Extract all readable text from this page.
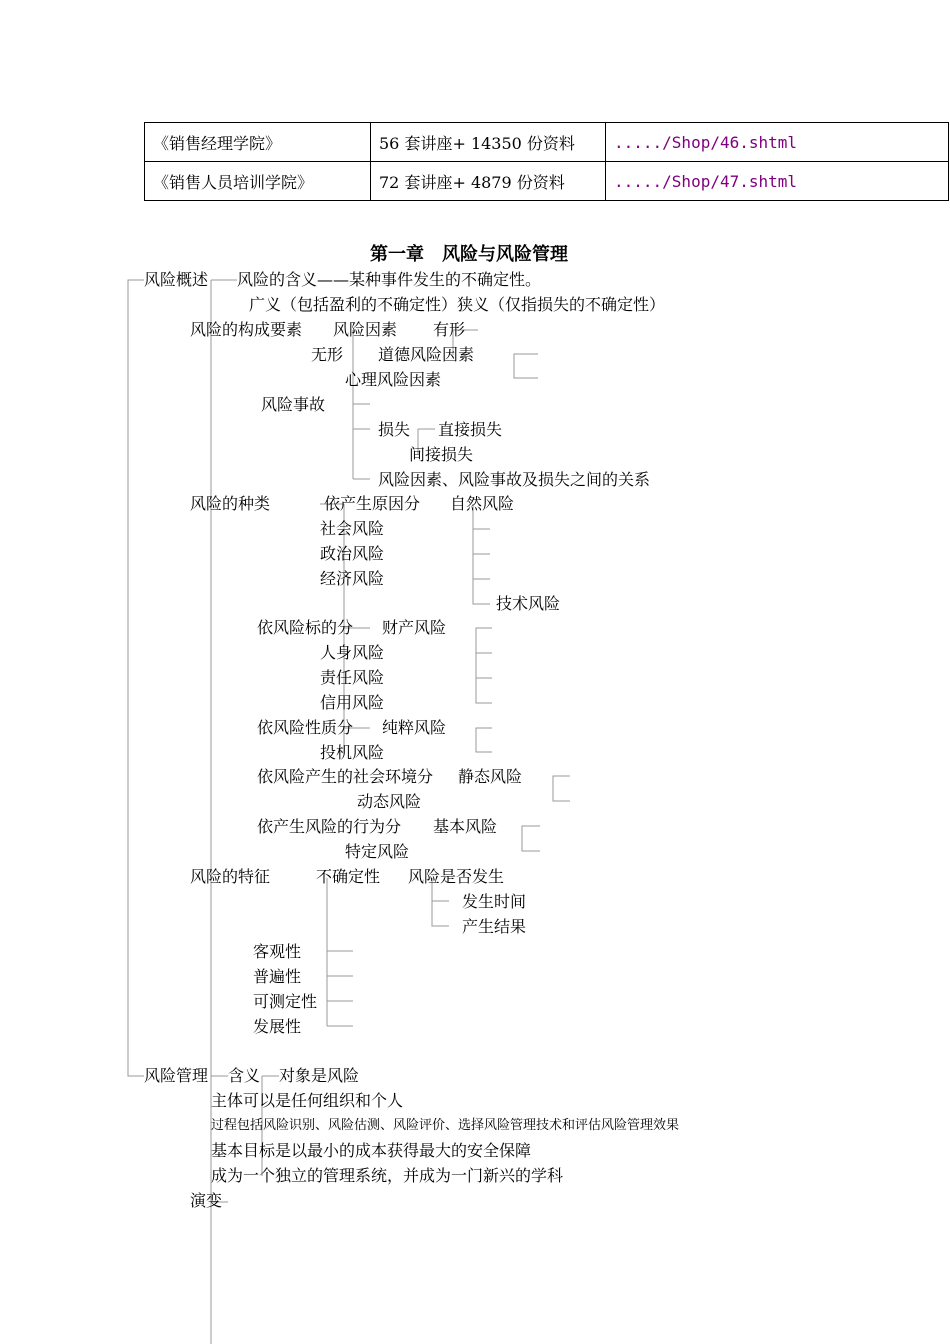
《销售经理学院》	56 套讲座+ 14350 份资料	...../Shop/46.shtml
《销售人员培训学院》	72 套讲座+ 4879 份资料	...../Shop/47.shtml
第一章　风险与风险管理
风险概述 风险的含义——某种事件发生的不确定性。
广义（包括盈利的不确定性）狭义（仅指损失的不确定性）
风险的构成要素 风险因素 有形
无形 道德风险因素
心理风险因素
风险事故
损失 直接损失
间接损失
风险因素、风险事故及损失之间的关系
风险的种类	依产生原因分 自然风险
社会风险
政治风险
经济风险
技术风险
依风险标的分 财产风险
人身风险
责任风险
信用风险
依风险性质分 纯粹风险
投机风险
依风险产生的社会环境分 静态风险
动态风险
依产生风险的行为分 基本风险
特定风险
风险的特征	不确定性 风险是否发生
发生时间
产生结果
客观性
普遍性
可测定性
发展性
风险管理 含义 对象是风险
主体可以是任何组织和个人
过程包括风险识别、风险估测、风险评价、选择风险管理技术和评估风险管理效果
基本目标是以最小的成本获得最大的安全保障
成为一个独立的管理系统，并成为一门新兴的学科
演变
